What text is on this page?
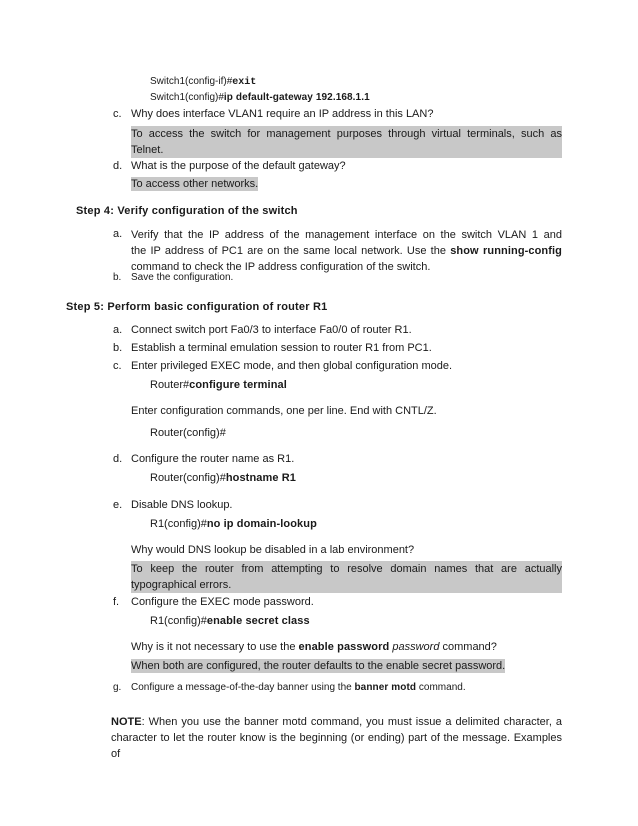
Switch1(config-if)#exit
Switch1(config)#ip default-gateway 192.168.1.1
c. Why does interface VLAN1 require an IP address in this LAN?
To access the switch for management purposes through virtual terminals, such as
Telnet.
d. What is the purpose of the default gateway?
To access other networks.
Step 4: Verify configuration of the switch
a. Verify that the IP address of the management interface on the switch VLAN 1 and
the IP address of PC1 are on the same local network. Use the show running-config
command to check the IP address configuration of the switch.
b. Save the configuration.
Step 5: Perform basic configuration of router R1
a. Connect switch port Fa0/3 to interface Fa0/0 of router R1.
b. Establish a terminal emulation session to router R1 from PC1.
c. Enter privileged EXEC mode, and then global configuration mode.
Router#configure terminal
Enter configuration commands, one per line. End with CNTL/Z.
Router(config)#
d. Configure the router name as R1.
Router(config)#hostname R1
e. Disable DNS lookup.
R1(config)#no ip domain-lookup
Why would DNS lookup be disabled in a lab environment?
To keep the router from attempting to resolve domain names that are actually
typographical errors.
f. Configure the EXEC mode password.
R1(config)#enable secret class
Why is it not necessary to use the enable password password command?
When both are configured, the router defaults to the enable secret password.
g. Configure a message-of-the-day banner using the banner motd command.
NOTE: When you use the banner motd command, you must issue a delimited character, a
character to let the router know is the beginning (or ending) part of the message. Examples of
